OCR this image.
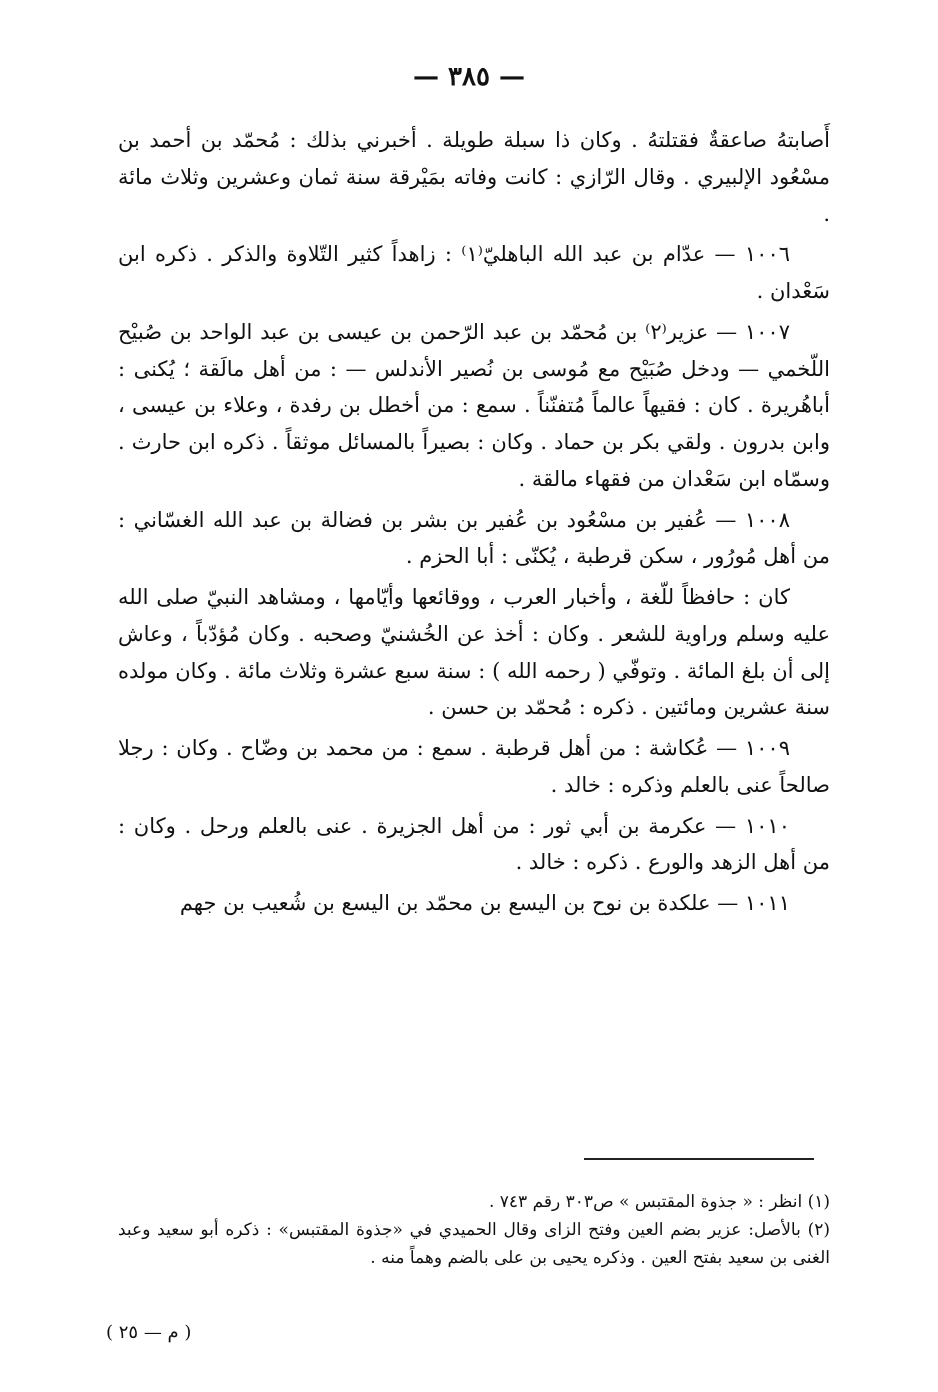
— ٣٨٥ —

أَصابتهُ صاعقةٌ فقتلتهُ . وكان ذا سبلة طويلة . أخبرني بذلك : مُحمّد بن أحمد بن مسْعُود الإلبيري . وقال الرّازي : كانت وفاته بمَيْرقة سنة ثمان وعشرين وثلاث مائة .

١٠٠٦ — عدّام بن عبد الله الباهليّ⁽١⁾ : زاهداً كثير التّلاوة والذكر . ذكره ابن سَعْدان .

١٠٠٧ — عزير⁽٢⁾ بن مُحمّد بن عبد الرّحمن بن عيسى بن عبد الواحد بن صُبيْح اللّخمي — ودخل صُبَيْح مع مُوسى بن نُصير الأندلس — : من أهل مالَقة ؛ يُكنى : أباهُريرة . كان : فقيهاً عالماً مُتفنّناً . سمع : من أخطل بن رفدة ، وعلاء بن عيسى ، وابن بدرون . ولقي بكر بن حماد . وكان : بصيراً بالمسائل موثقاً . ذكره ابن حارث . وسمّاه ابن سَعْدان من فقهاء مالقة .

١٠٠٨ — عُفير بن مسْعُود بن عُفير بن بشر بن فضالة بن عبد الله الغسّاني : من أهل مُورُور ، سكن قرطبة ، يُكنّى : أبا الحزم .

كان : حافظاً للّغة ، وأخبار العرب ، ووقائعها وأيّامها ، ومشاهد النبيّ صلى الله عليه وسلم وراوية للشعر . وكان : أخذ عن الخُشنيّ وصحبه . وكان مُؤدّباً ، وعاش إلى أن بلغ المائة . وتوفّي ( رحمه الله ) : سنة سبع عشرة وثلاث مائة . وكان مولده سنة عشرين ومائتين . ذكره : مُحمّد بن حسن .

١٠٠٩ — عُكاشة : من أهل قرطبة . سمع : من محمد بن وضّاح . وكان : رجلا صالحاً عنى بالعلم وذكره : خالد .

١٠١٠ — عكرمة بن أبي ثور : من أهل الجزيرة . عنى بالعلم ورحل . وكان : من أهل الزهد والورع . ذكره : خالد .

١٠١١ — علكدة بن نوح بن اليسع بن محمّد بن اليسع بن شُعيب بن جهم

(١) انظر : « جذوة المقتبس » ص٣٠٣ رقم ٧٤٣ .

(٢) بالأصل: عزير بضم العين وفتح الزاى وقال الحميدي في «جذوة المقتبس» : ذكره أبو سعيد وعبد الغنى بن سعيد بفتح العين . وذكره يحيى بن على بالضم وهماً منه .

( م — ٢٥ )
